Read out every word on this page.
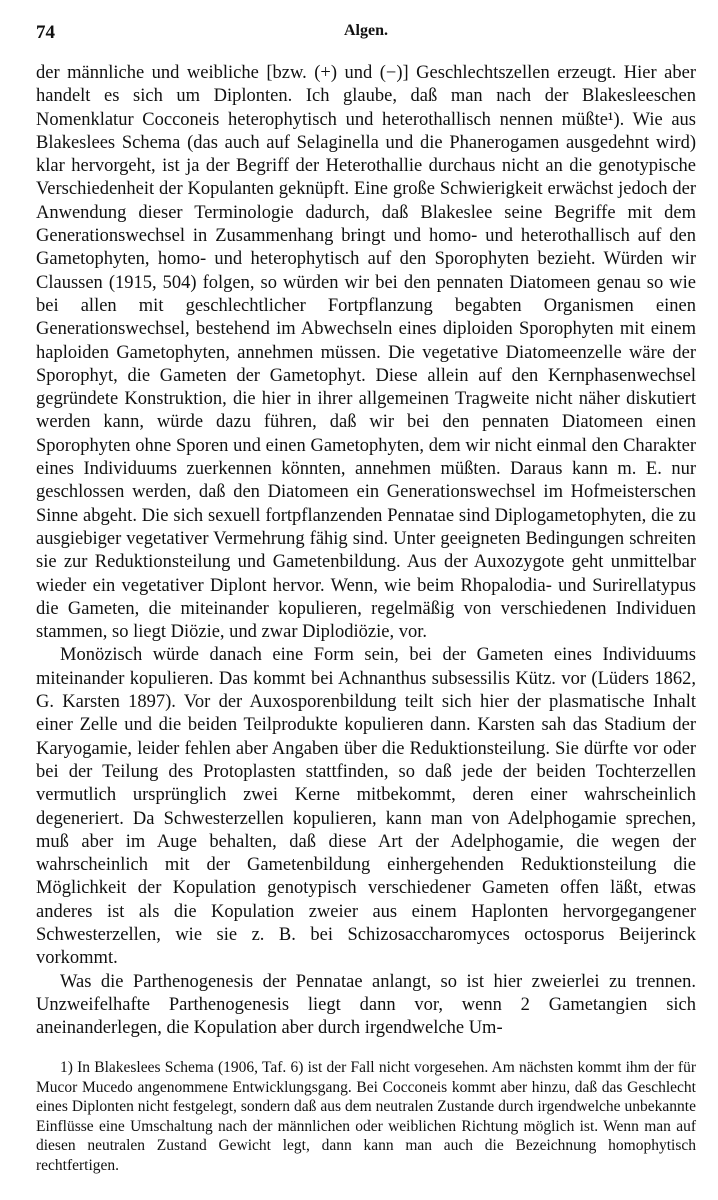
74	Algen.

der männliche und weibliche [bzw. (+) und (−)] Geschlechtszellen erzeugt. Hier aber handelt es sich um Diplonten. Ich glaube, daß man nach der Blakesleeschen Nomenklatur Cocconeis heterophytisch und heterothallisch nennen müßte¹). Wie aus Blakeslees Schema (das auch auf Selaginella und die Phanerogamen ausgedehnt wird) klar hervorgeht, ist ja der Begriff der Heterothallie durchaus nicht an die genotypische Verschiedenheit der Kopulanten geknüpft. Eine große Schwierigkeit erwächst jedoch der Anwendung dieser Terminologie dadurch, daß Blakeslee seine Begriffe mit dem Generationswechsel in Zusammenhang bringt und homo- und heterothallisch auf den Gametophyten, homo- und heterophytisch auf den Sporophyten bezieht. Würden wir Claussen (1915, 504) folgen, so würden wir bei den pennaten Diatomeen genau so wie bei allen mit geschlechtlicher Fortpflanzung begabten Organismen einen Generationswechsel, bestehend im Abwechseln eines diploiden Sporophyten mit einem haploiden Gametophyten, annehmen müssen. Die vegetative Diatomeenzelle wäre der Sporophyt, die Gameten der Gametophyt. Diese allein auf den Kernphasenwechsel gegründete Konstruktion, die hier in ihrer allgemeinen Tragweite nicht näher diskutiert werden kann, würde dazu führen, daß wir bei den pennaten Diatomeen einen Sporophyten ohne Sporen und einen Gametophyten, dem wir nicht einmal den Charakter eines Individuums zuerkennen könnten, annehmen müßten. Daraus kann m. E. nur geschlossen werden, daß den Diatomeen ein Generationswechsel im Hofmeisterschen Sinne abgeht. Die sich sexuell fortpflanzenden Pennatae sind Diplogametophyten, die zu ausgiebiger vegetativer Vermehrung fähig sind. Unter geeigneten Bedingungen schreiten sie zur Reduktionsteilung und Gametenbildung. Aus der Auxozygote geht unmittelbar wieder ein vegetativer Diplont hervor. Wenn, wie beim Rhopalodia- und Surirellatypus die Gameten, die miteinander kopulieren, regelmäßig von verschiedenen Individuen stammen, so liegt Diözie, und zwar Diplodiözie, vor.

Monözisch würde danach eine Form sein, bei der Gameten eines Individuums miteinander kopulieren. Das kommt bei Achnanthus subsessilis Kütz. vor (Lüders 1862, G. Karsten 1897). Vor der Auxosporenbildung teilt sich hier der plasmatische Inhalt einer Zelle und die beiden Teilprodukte kopulieren dann. Karsten sah das Stadium der Karyogamie, leider fehlen aber Angaben über die Reduktionsteilung. Sie dürfte vor oder bei der Teilung des Protoplasten stattfinden, so daß jede der beiden Tochterzellen vermutlich ursprünglich zwei Kerne mitbekommt, deren einer wahrscheinlich degeneriert. Da Schwesterzellen kopulieren, kann man von Adelphogamie sprechen, muß aber im Auge behalten, daß diese Art der Adelphogamie, die wegen der wahrscheinlich mit der Gametenbildung einhergehenden Reduktionsteilung die Möglichkeit der Kopulation genotypisch verschiedener Gameten offen läßt, etwas anderes ist als die Kopulation zweier aus einem Haplonten hervorgegangener Schwesterzellen, wie sie z. B. bei Schizosaccharomyces octosporus Beijerinck vorkommt.

Was die Parthenogenesis der Pennatae anlangt, so ist hier zweierlei zu trennen. Unzweifelhafte Parthenogenesis liegt dann vor, wenn 2 Gametangien sich aneinanderlegen, die Kopulation aber durch irgendwelche Um-

1) In Blakeslees Schema (1906, Taf. 6) ist der Fall nicht vorgesehen. Am nächsten kommt ihm der für Mucor Mucedo angenommene Entwicklungsgang. Bei Cocconeis kommt aber hinzu, daß das Geschlecht eines Diplonten nicht festgelegt, sondern daß aus dem neutralen Zustande durch irgendwelche unbekannte Einflüsse eine Umschaltung nach der männlichen oder weiblichen Richtung möglich ist. Wenn man auf diesen neutralen Zustand Gewicht legt, dann kann man auch die Bezeichnung homophytisch rechtfertigen.
